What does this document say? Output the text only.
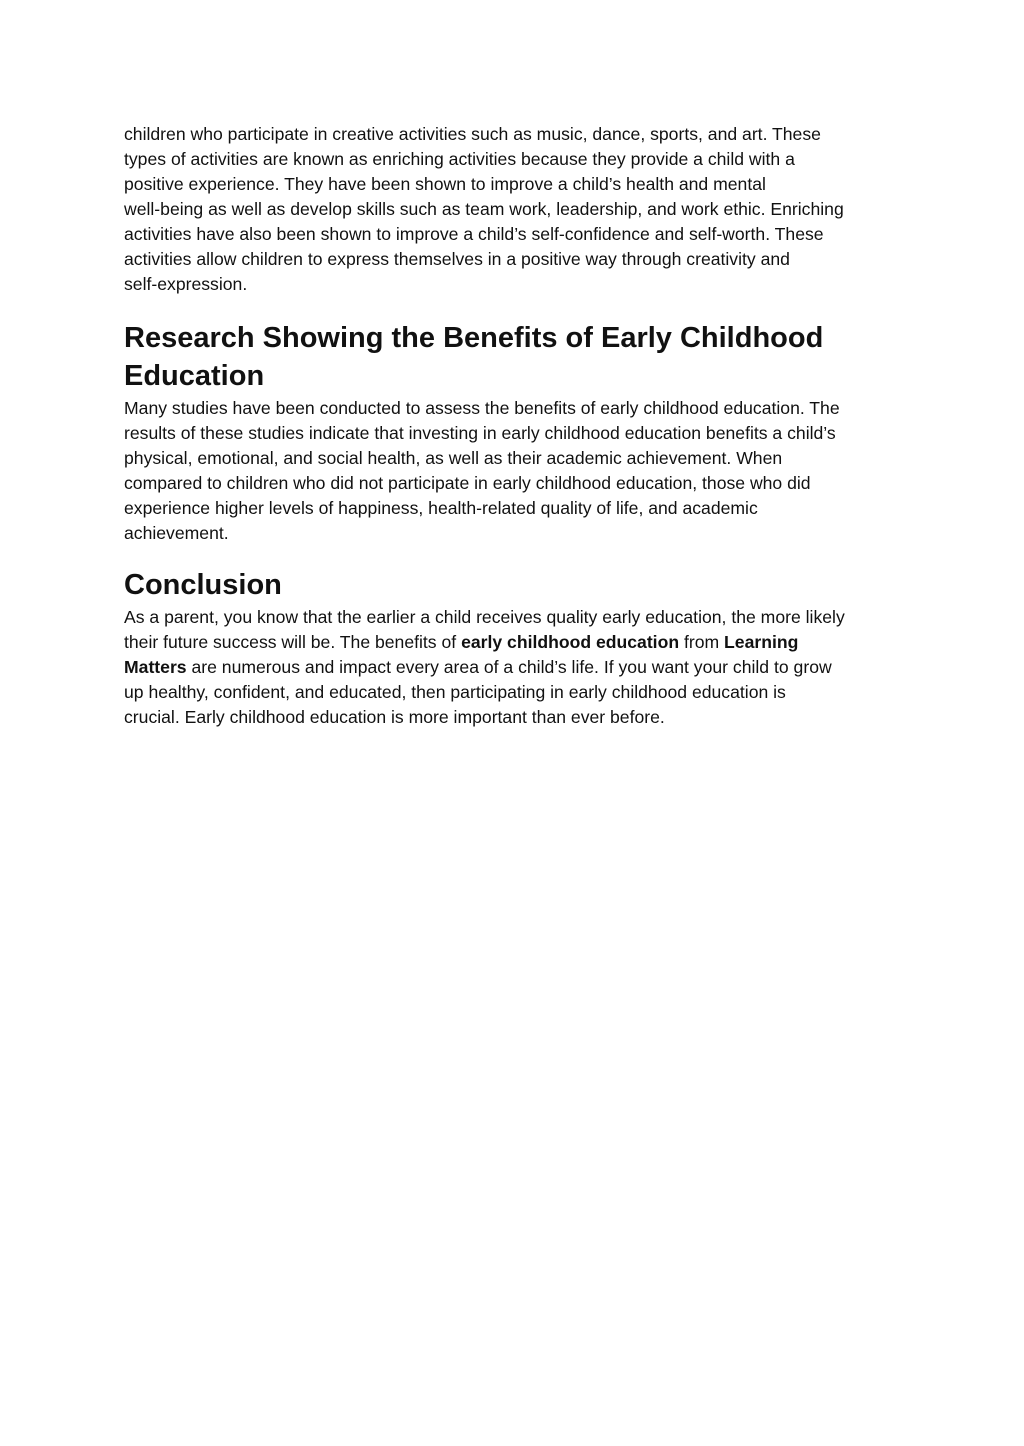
children who participate in creative activities such as music, dance, sports, and art. These
types of activities are known as enriching activities because they provide a child with a
positive experience. They have been shown to improve a child’s health and mental
well-being as well as develop skills such as team work, leadership, and work ethic. Enriching
activities have also been shown to improve a child’s self-confidence and self-worth. These
activities allow children to express themselves in a positive way through creativity and
self-expression.

Research Showing the Benefits of Early Childhood
Education

Many studies have been conducted to assess the benefits of early childhood education. The
results of these studies indicate that investing in early childhood education benefits a child’s
physical, emotional, and social health, as well as their academic achievement. When
compared to children who did not participate in early childhood education, those who did
experience higher levels of happiness, health-related quality of life, and academic
achievement.

Conclusion

As a parent, you know that the earlier a child receives quality early education, the more likely
their future success will be. The benefits of early childhood education from Learning
Matters are numerous and impact every area of a child’s life. If you want your child to grow
up healthy, confident, and educated, then participating in early childhood education is
crucial. Early childhood education is more important than ever before.
